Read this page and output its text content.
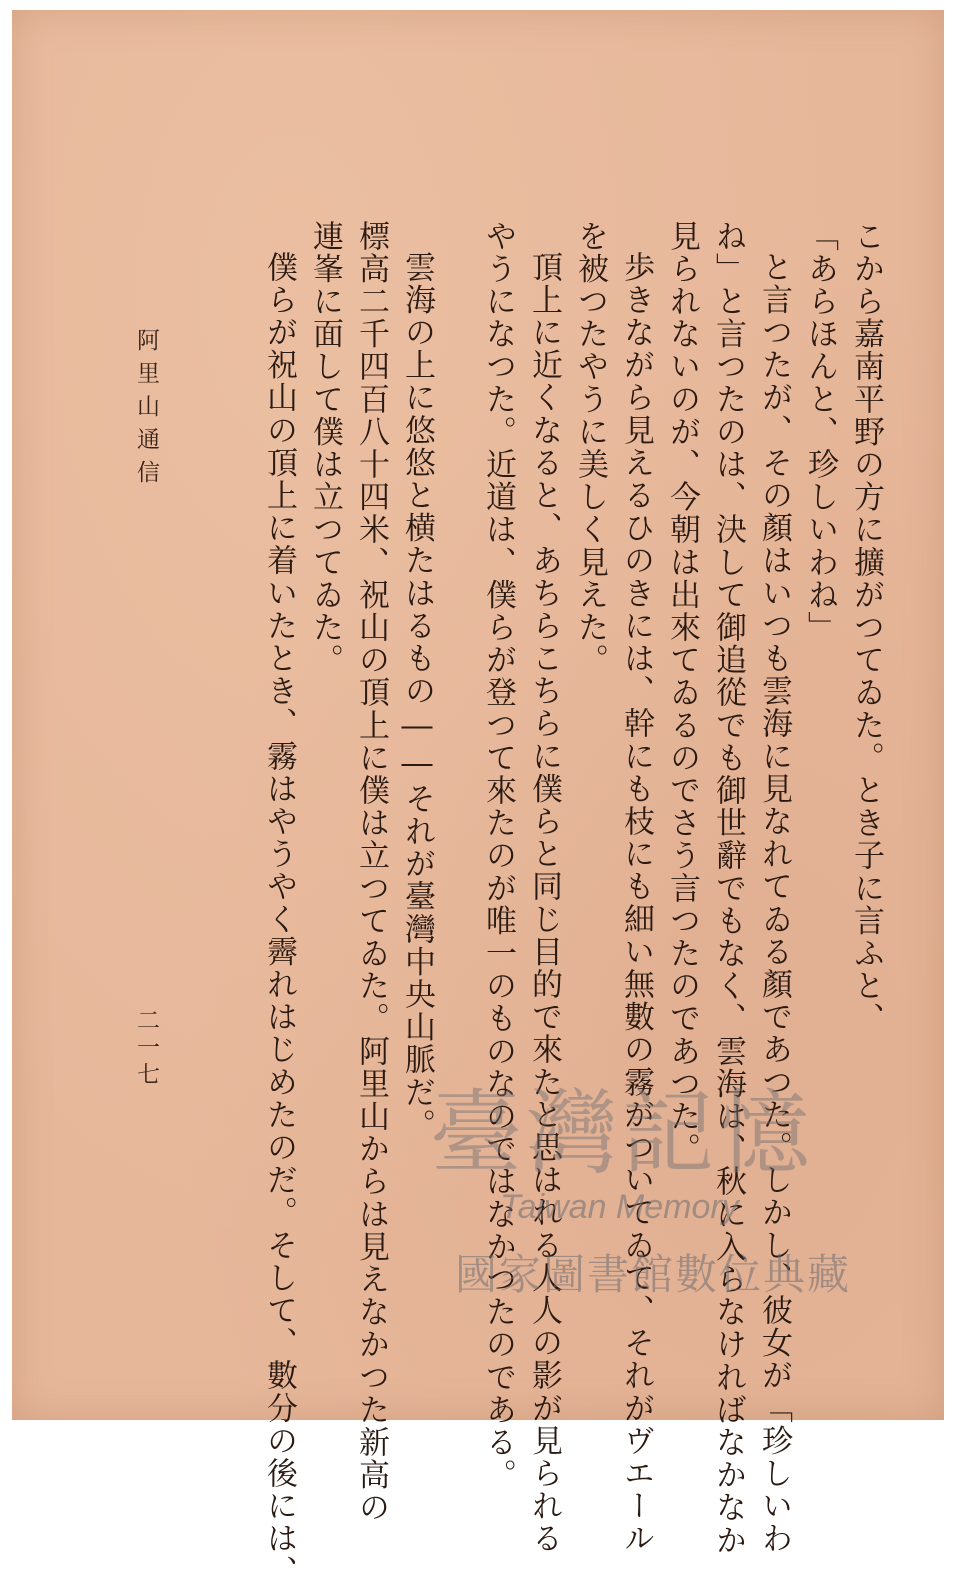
こから嘉南平野の方に擴がつてゐた。とき子に言ふと、
「あらほんと、珍しいわね」
と言つたが、その顏はいつも雲海に見なれてゐる顏であつた。しかし、彼女が「珍しいわ
ね」と言つたのは、決して御追從でも御世辭でもなく、雲海は、秋に入らなければなかなか
見られないのが、今朝は出來てゐるのでさう言つたのであつた。
歩きながら見えるひのきには、幹にも枝にも細い無數の霧がついてゐて、それがヴエール
を被つたやうに美しく見えた。
頂上に近くなると、あちらこちらに僕らと同じ目的で來たと思はれる人人の影が見られる
やうになつた。近道は、僕らが登つて來たのが唯一のものなのではなかつたのである。
雲海の上に悠悠と横たはるもの――それが臺灣中央山脈だ。
標高二千四百八十四米、祝山の頂上に僕は立つてゐた。阿里山からは見えなかつた新高の
連峯に面して僕は立つてゐた。
僕らが祝山の頂上に着いたとき、霧はやうやく霽れはじめたのだ。そして、數分の後には、
阿里山通信
二一七
臺灣記憶
Taiwan Memory
國家圖書館數位典藏
